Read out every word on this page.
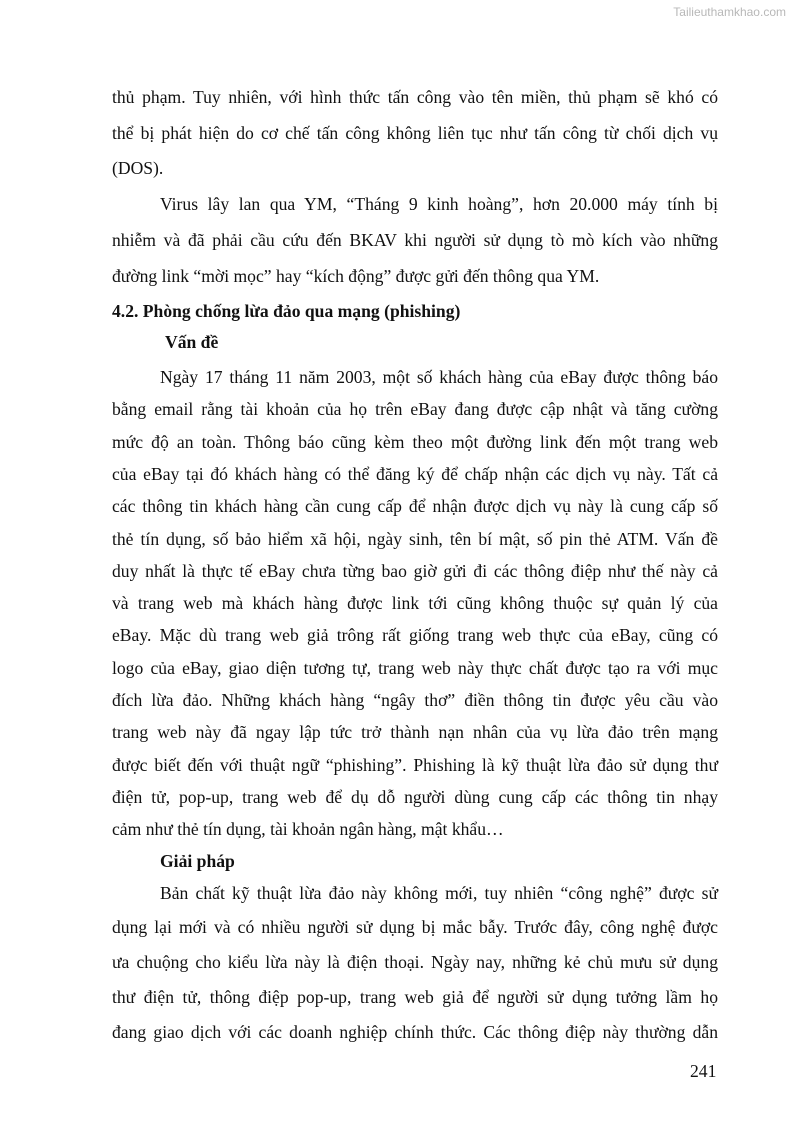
Tailieuthamkhao.com
thủ phạm. Tuy nhiên, với hình thức tấn công vào tên miền, thủ phạm sẽ khó có
thể bị phát hiện do cơ chế tấn công không liên tục như tấn công từ chối dịch vụ
(DOS).
Virus lây lan qua YM, “Tháng 9 kinh hoàng”, hơn 20.000 máy tính bị
nhiễm và đã phải cầu cứu đến BKAV khi người sử dụng tò mò kích vào những
đường link “mời mọc” hay “kích động” được gửi đến thông qua YM.
4.2. Phòng chống lừa đảo qua mạng (phishing)
Vấn đề
Ngày 17 tháng 11 năm 2003, một số khách hàng của eBay được thông báo
bằng email rằng tài khoản của họ trên eBay đang được cập nhật và tăng cường
mức độ an toàn. Thông báo cũng kèm theo một đường link đến một trang web
của eBay tại đó khách hàng có thể đăng ký để chấp nhận các dịch vụ này. Tất cả
các thông tin khách hàng cần cung cấp để nhận được dịch vụ này là cung cấp số
thẻ tín dụng, số bảo hiểm xã hội, ngày sinh, tên bí mật, số pin thẻ ATM. Vấn đề
duy nhất là thực tế eBay chưa từng bao giờ gửi đi các thông điệp như thế này cả
và trang web mà khách hàng được link tới cũng không thuộc sự quản lý của
eBay. Mặc dù trang web giả trông rất giống trang web thực của eBay, cũng có
logo của eBay, giao diện tương tự, trang web này thực chất được tạo ra với mục
đích lừa đảo. Những khách hàng “ngây thơ” điền thông tin được yêu cầu vào
trang web này đã ngay lập tức trở thành nạn nhân của vụ lừa đảo trên mạng
được biết đến với thuật ngữ “phishing”. Phishing là kỹ thuật lừa đảo sử dụng thư
điện tử, pop-up, trang web để dụ dỗ người dùng cung cấp các thông tin nhạy
cảm như thẻ tín dụng, tài khoản ngân hàng, mật khẩu…
Giải pháp
Bản chất kỹ thuật lừa đảo này không mới, tuy nhiên “công nghệ” được sử
dụng lại mới và có nhiều người sử dụng bị mắc bẫy. Trước đây, công nghệ được
ưa chuộng cho kiểu lừa này là điện thoại. Ngày nay, những kẻ chủ mưu sử dụng
thư điện tử, thông điệp pop-up, trang web giả để người sử dụng tưởng lầm họ
đang giao dịch với các doanh nghiệp chính thức. Các thông điệp này thường dẫn
241
